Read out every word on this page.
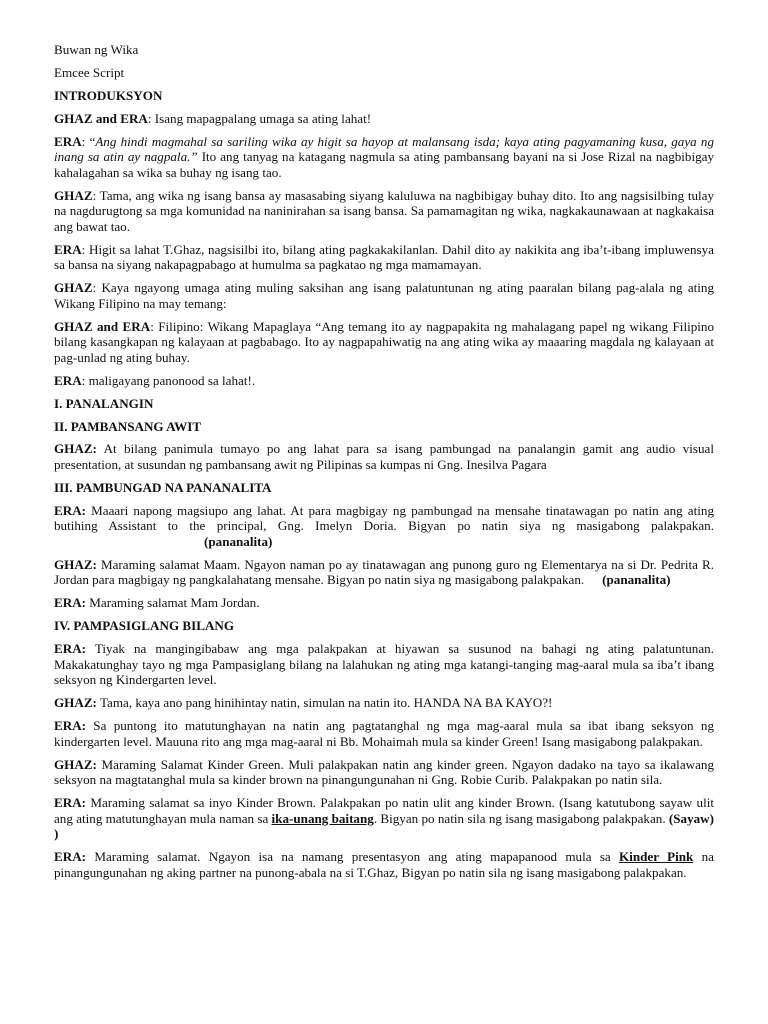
Buwan ng Wika

Emcee Script

INTRODUKSYON

GHAZ and ERA: Isang mapagpalang umaga sa ating lahat!

ERA: “Ang hindi magmahal sa sariling wika ay higit sa hayop at malansang isda; kaya ating pagyamaning kusa, gaya ng inang sa atin ay nagpala.” Ito ang tanyag na katagang nagmula sa ating pambansang bayani na si Jose Rizal na nagbibigay kahalagahan sa wika sa buhay ng isang tao.

GHAZ: Tama, ang wika ng isang bansa ay masasabing siyang kaluluwa na nagbibigay buhay dito. Ito ang nagsisilbing tulay na nagdurugtong sa mga komunidad na naninirahan sa isang bansa. Sa pamamagitan ng wika, nagkakaunawaan at nagkakaisa ang bawat tao.

ERA: Higit sa lahat T.Ghaz, nagsisilbi ito, bilang ating pagkakakilanlan. Dahil dito ay nakikita ang iba’t-ibang impluwensya sa bansa na siyang nakapagpabago at humulma sa pagkatao ng mga mamamayan.

GHAZ: Kaya ngayong umaga ating muling saksihan ang isang palatuntunan ng ating paaralan bilang pag-alala ng ating Wikang Filipino na may temang:

GHAZ and ERA: Filipino: Wikang Mapaglaya “Ang temang ito ay nagpapakita ng mahalagang papel ng wikang Filipino bilang kasangkapan ng kalayaan at pagbabago. Ito ay nagpapahiwatig na ang ating wika ay maaaring magdala ng kalayaan at pag-unlad ng ating buhay.

ERA: maligayang panonood sa lahat!.

I. PANALANGIN

II. PAMBANSANG AWIT

GHAZ: At bilang panimula tumayo po ang lahat para sa isang pambungad na panalangin gamit ang audio visual presentation, at susundan ng pambansang awit ng Pilipinas sa kumpas ni Gng. Inesilva Pagara

III. PAMBUNGAD NA PANANALITA

ERA: Maaari napong magsiupo ang lahat. At para magbigay ng pambungad na mensahe tinatawagan po natin ang ating butihing Assistant to the principal, Gng. Imelyn Doria. Bigyan po natin siya ng masigabong palakpakan.(pananalita)

GHAZ: Maraming salamat Maam. Ngayon naman po ay tinatawagan ang punong guro ng Elementarya na si Dr. Pedrita R. Jordan para magbigay ng pangkalahatang mensahe. Bigyan po natin siya ng masigabong palakpakan. (pananalita)

ERA: Maraming salamat Mam Jordan.

IV. PAMPASIGLANG BILANG

ERA: Tiyak na mangingibabaw ang mga palakpakan at hiyawan sa susunod na bahagi ng ating palatuntunan. Makakatunghay tayo ng mga Pampasiglang bilang na lalahukan ng ating mga katangi-tanging mag-aaral mula sa iba’t ibang seksyon ng Kindergarten level.

GHAZ: Tama, kaya ano pang hinihintay natin, simulan na natin ito. HANDA NA BA KAYO?!

ERA: Sa puntong ito matutunghayan na natin ang pagtatanghal ng mga mag-aaral mula sa ibat ibang seksyon ng kindergarten level. Mauuna rito ang mga mag-aaral ni Bb. Mohaimah mula sa kinder Green! Isang masigabong palakpakan.

GHAZ: Maraming Salamat Kinder Green. Muli palakpakan natin ang kinder green. Ngayon dadako na tayo sa ikalawang seksyon na magtatanghal mula sa kinder brown na pinangungunahan ni Gng. Robie Curib. Palakpakan po natin sila.

ERA: Maraming salamat sa inyo Kinder Brown. Palakpakan po natin ulit ang kinder Brown. (Isang katutubong sayaw ulit ang ating matutunghayan mula naman sa ika-unang baitang. Bigyan po natin sila ng isang masigabong palakpakan. (Sayaw) )

ERA: Maraming salamat. Ngayon isa na namang presentasyon ang ating mapapanood mula sa Kinder Pink na pinangungunahan ng aking partner na punong-abala na si T.Ghaz, Bigyan po natin sila ng isang masigabong palakpakan.
